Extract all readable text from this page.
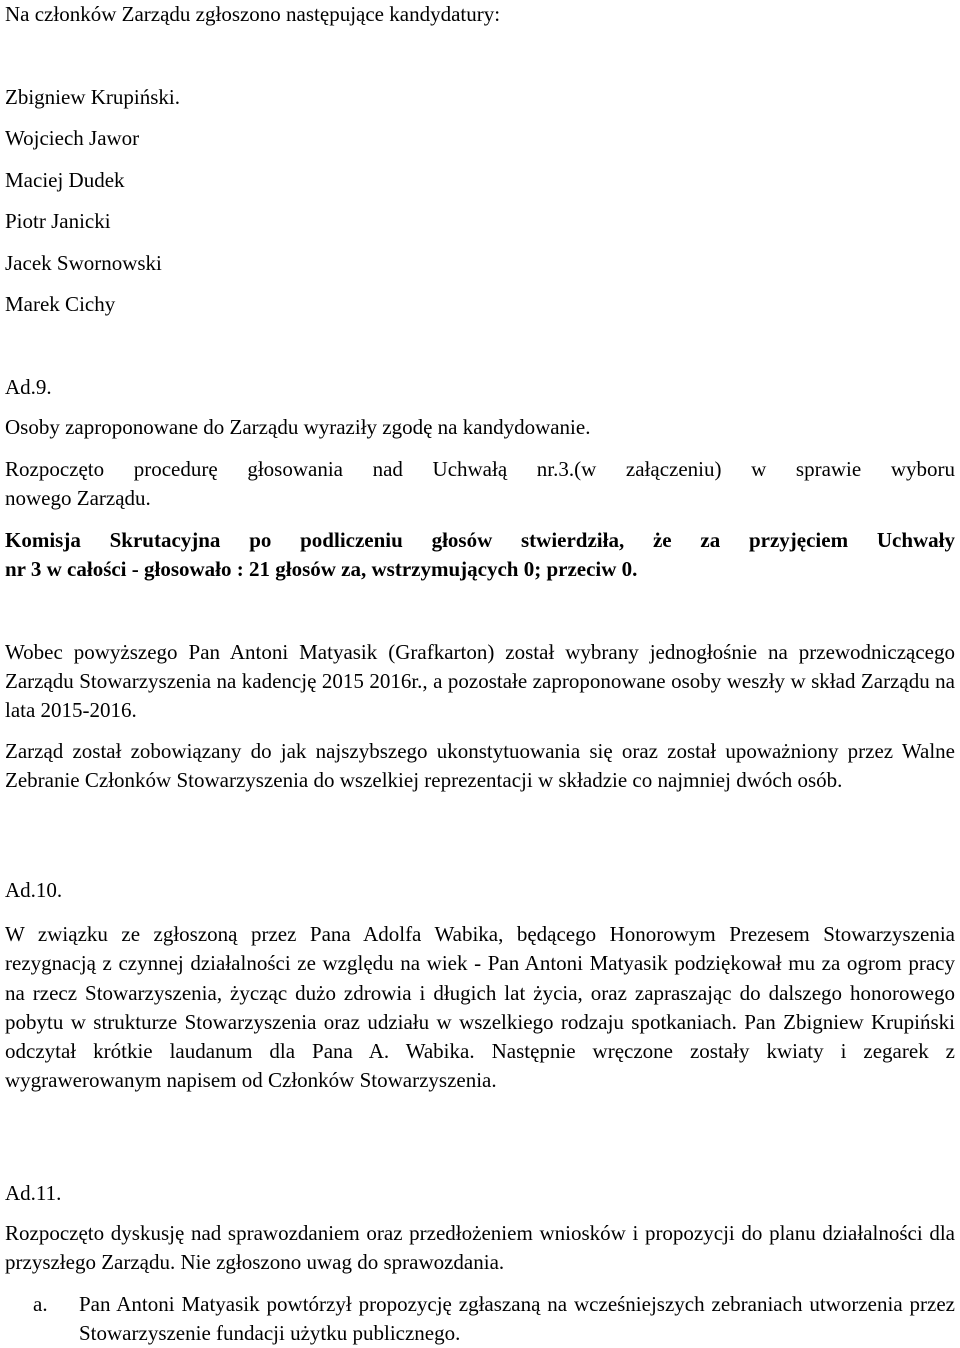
Na członków Zarządu zgłoszono następujące kandydatury:
Zbigniew Krupiński.
Wojciech Jawor
Maciej Dudek
Piotr Janicki
Jacek Swornowski
Marek Cichy
Ad.9.
Osoby zaproponowane do Zarządu wyraziły zgodę na kandydowanie.
Rozpoczęto procedurę głosowania nad Uchwałą nr.3.(w załączeniu) w sprawie wyboru
nowego Zarządu.
Komisja Skrutacyjna po podliczeniu głosów stwierdziła, że za przyjęciem Uchwały
nr 3 w całości - głosowało : 21 głosów za, wstrzymujących 0; przeciw 0.
Wobec powyższego Pan Antoni Matyasik (Grafkarton) został wybrany jednogłośnie na przewodniczącego Zarządu Stowarzyszenia na kadencję 2015 2016r., a pozostałe zaproponowane osoby weszły w skład Zarządu na lata 2015-2016.
Zarząd został zobowiązany do jak najszybszego ukonstytuowania się oraz został upoważniony przez Walne Zebranie Członków Stowarzyszenia do wszelkiej reprezentacji w składzie co najmniej dwóch osób.
Ad.10.
W związku ze zgłoszoną przez Pana Adolfa Wabika, będącego Honorowym Prezesem Stowarzyszenia rezygnacją z czynnej działalności ze względu na wiek - Pan Antoni Matyasik podziękował mu za ogrom pracy na rzecz Stowarzyszenia, życząc dużo zdrowia i długich lat życia, oraz zapraszając do dalszego honorowego pobytu w strukturze Stowarzyszenia oraz udziału w wszelkiego rodzaju spotkaniach. Pan Zbigniew Krupiński odczytał krótkie laudanum dla Pana A. Wabika. Następnie wręczone zostały kwiaty i zegarek z wygrawerowanym napisem od Członków Stowarzyszenia.
Ad.11.
Rozpoczęto dyskusję nad sprawozdaniem oraz przedłożeniem wniosków i propozycji do planu działalności dla przyszłego Zarządu. Nie zgłoszono uwag do sprawozdania.
a. Pan Antoni Matyasik powtórzył propozycję zgłaszaną na wcześniejszych zebraniach utworzenia przez Stowarzyszenie fundacji użytku publicznego.
